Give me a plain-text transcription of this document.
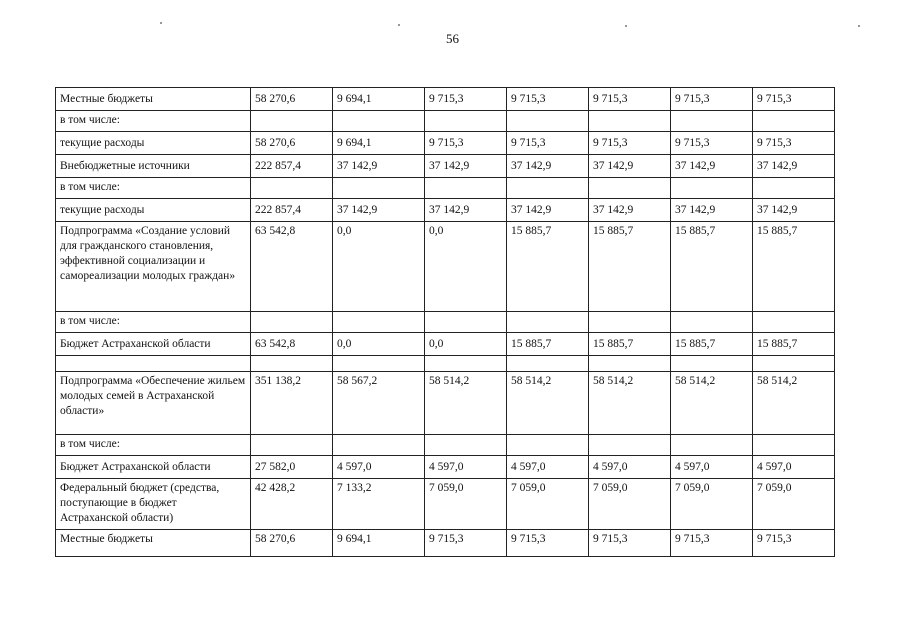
56
Местные бюджеты	58 270,6	9 694,1	9 715,3	9 715,3	9 715,3	9 715,3	9 715,3
в том числе:							
текущие расходы	58 270,6	9 694,1	9 715,3	9 715,3	9 715,3	9 715,3	9 715,3
Внебюджетные источники	222 857,4	37 142,9	37 142,9	37 142,9	37 142,9	37 142,9	37 142,9
в том числе:							
текущие расходы	222 857,4	37 142,9	37 142,9	37 142,9	37 142,9	37 142,9	37 142,9
Подпрограмма «Создание условий для гражданского становления, эффективной социализации и самореализации молодых граждан»	63 542,8	0,0	0,0	15 885,7	15 885,7	15 885,7	15 885,7
в том числе:							
Бюджет Астраханской области	63 542,8	0,0	0,0	15 885,7	15 885,7	15 885,7	15 885,7

Подпрограмма «Обеспечение жильем молодых семей в Астраханской области»	351 138,2	58 567,2	58 514,2	58 514,2	58 514,2	58 514,2	58 514,2
в том числе:							
Бюджет Астраханской области	27 582,0	4 597,0	4 597,0	4 597,0	4 597,0	4 597,0	4 597,0
Федеральный бюджет (средства, поступающие в бюджет Астраханской области)	42 428,2	7 133,2	7 059,0	7 059,0	7 059,0	7 059,0	7 059,0
Местные бюджеты	58 270,6	9 694,1	9 715,3	9 715,3	9 715,3	9 715,3	9 715,3
